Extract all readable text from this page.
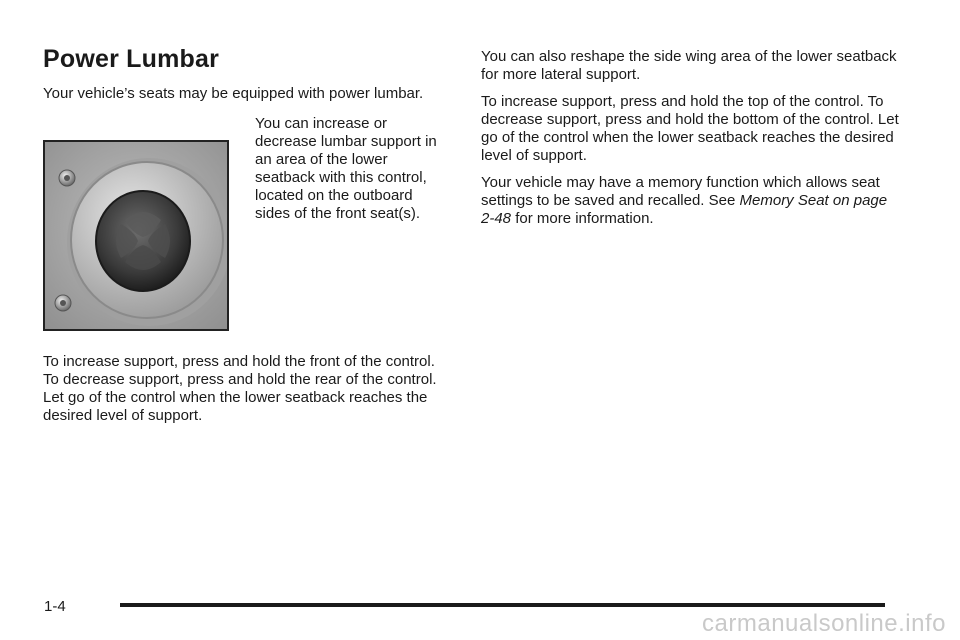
Power Lumbar

Your vehicle’s seats may be equipped with power lumbar.

You can increase or decrease lumbar support in an area of the lower seatback with this control, located on the outboard sides of the front seat(s).

To increase support, press and hold the front of the control. To decrease support, press and hold the rear of the control. Let go of the control when the lower seatback reaches the desired level of support.

You can also reshape the side wing area of the lower seatback for more lateral support.

To increase support, press and hold the top of the control. To decrease support, press and hold the bottom of the control. Let go of the control when the lower seatback reaches the desired level of support.

Your vehicle may have a memory function which allows seat settings to be saved and recalled. See Memory Seat on page 2-48 for more information.

1-4
carmanualsonline.info
